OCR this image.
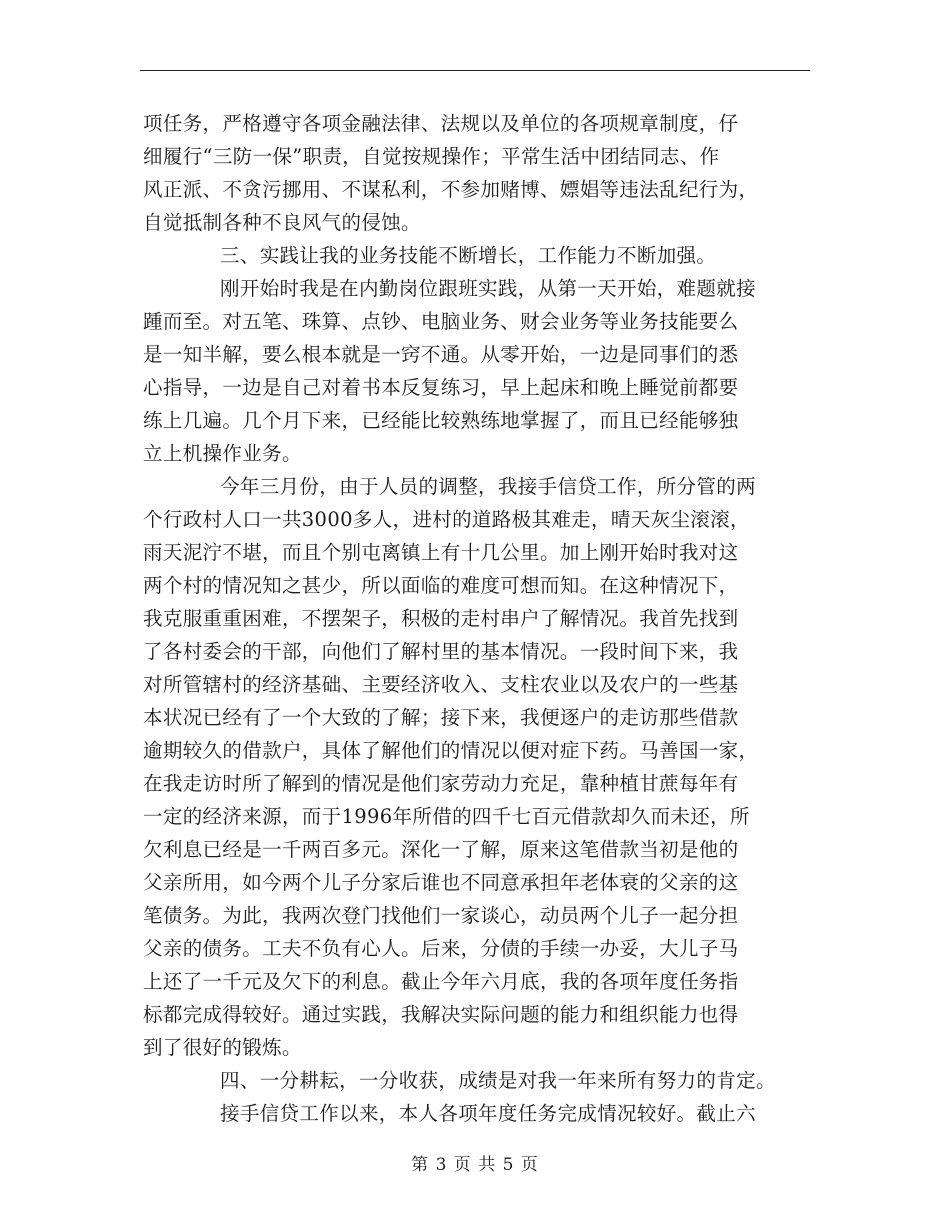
项任务，严格遵守各项金融法律、法规以及单位的各项规章制度，仔
细履行“三防一保”职责，自觉按规操作；平常生活中团结同志、作
风正派、不贪污挪用、不谋私利，不参加赌博、嫖娼等违法乱纪行为，
自觉抵制各种不良风气的侵蚀。
三、实践让我的业务技能不断增长，工作能力不断加强。
刚开始时我是在内勤岗位跟班实践，从第一天开始，难题就接
踵而至。对五笔、珠算、点钞、电脑业务、财会业务等业务技能要么
是一知半解，要么根本就是一窍不通。从零开始，一边是同事们的悉
心指导，一边是自己对着书本反复练习，早上起床和晚上睡觉前都要
练上几遍。几个月下来，已经能比较熟练地掌握了，而且已经能够独
立上机操作业务。
今年三月份，由于人员的调整，我接手信贷工作，所分管的两
个行政村人口一共3000多人，进村的道路极其难走，晴天灰尘滚滚，
雨天泥泞不堪，而且个别屯离镇上有十几公里。加上刚开始时我对这
两个村的情况知之甚少，所以面临的难度可想而知。在这种情况下，
我克服重重困难，不摆架子，积极的走村串户了解情况。我首先找到
了各村委会的干部，向他们了解村里的基本情况。一段时间下来，我
对所管辖村的经济基础、主要经济收入、支柱农业以及农户的一些基
本状况已经有了一个大致的了解；接下来，我便逐户的走访那些借款
逾期较久的借款户，具体了解他们的情况以便对症下药。马善国一家，
在我走访时所了解到的情况是他们家劳动力充足，靠种植甘蔗每年有
一定的经济来源，而于1996年所借的四千七百元借款却久而未还，所
欠利息已经是一千两百多元。深化一了解，原来这笔借款当初是他的
父亲所用，如今两个儿子分家后谁也不同意承担年老体衰的父亲的这
笔债务。为此，我两次登门找他们一家谈心，动员两个儿子一起分担
父亲的债务。工夫不负有心人。后来，分债的手续一办妥，大儿子马
上还了一千元及欠下的利息。截止今年六月底，我的各项年度任务指
标都完成得较好。通过实践，我解决实际问题的能力和组织能力也得
到了很好的锻炼。
四、一分耕耘，一分收获，成绩是对我一年来所有努力的肯定。
接手信贷工作以来，本人各项年度任务完成情况较好。截止六
第 3 页 共 5 页
